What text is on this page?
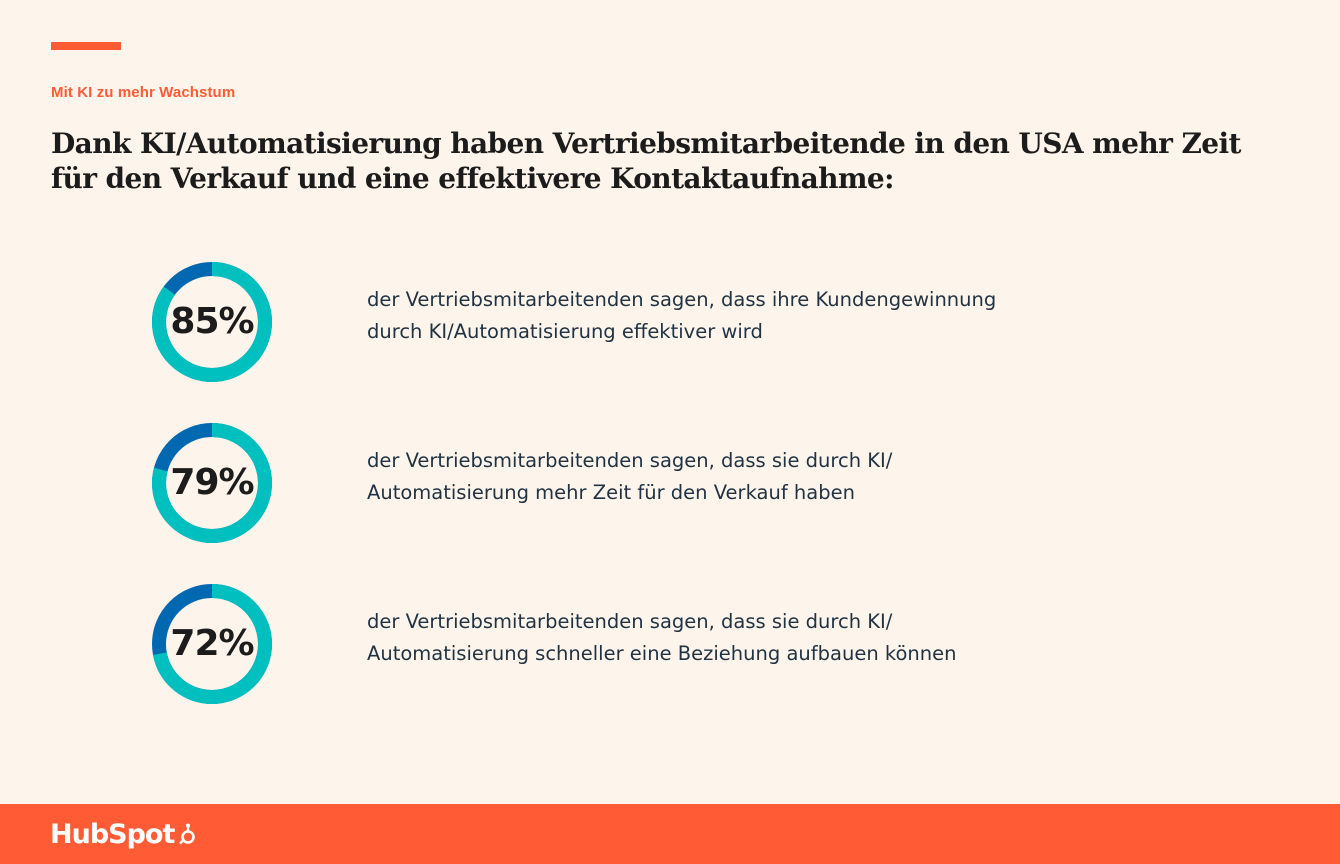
Mit KI zu mehr Wachstum
Dank KI/Automatisierung haben Vertriebsmitarbeitende in den USA mehr Zeit für den Verkauf und eine effektivere Kontaktaufnahme:
85%
der Vertriebsmitarbeitenden sagen, dass ihre Kundengewinnung durch KI/Automatisierung effektiver wird
79%
der Vertriebsmitarbeitenden sagen, dass sie durch KI/ Automatisierung mehr Zeit für den Verkauf haben
72%
der Vertriebsmitarbeitenden sagen, dass sie durch KI/ Automatisierung schneller eine Beziehung aufbauen können
HubSpot
